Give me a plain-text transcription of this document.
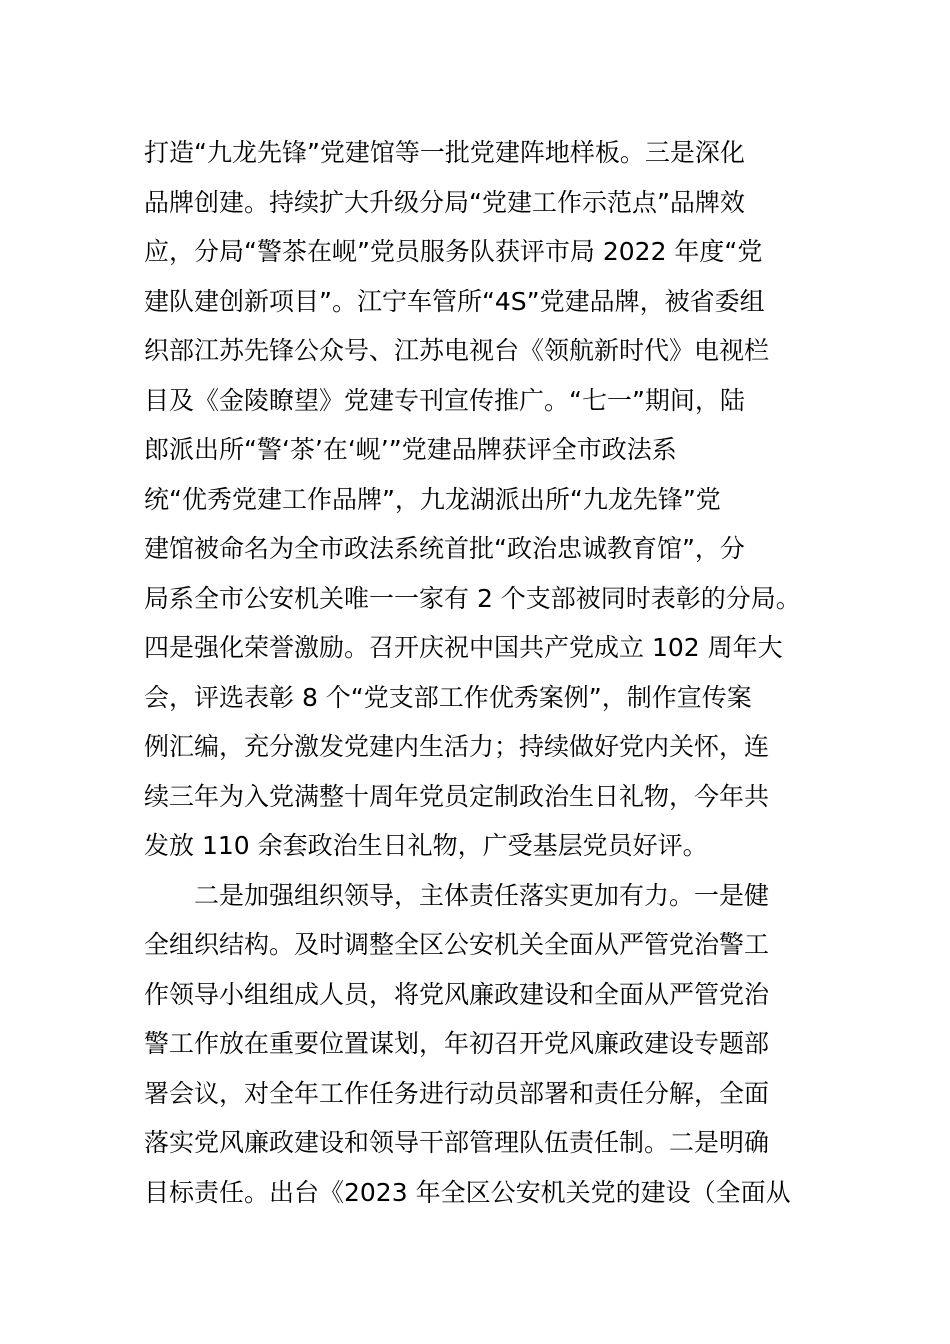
打造“九龙先锋”党建馆等一批党建阵地样板。三是深化
品牌创建。持续扩大升级分局“党建工作示范点”品牌效
应，分局“警茶在岘”党员服务队获评市局 2022 年度“党
建队建创新项目”。江宁车管所“4S”党建品牌，被省委组
织部江苏先锋公众号、江苏电视台《领航新时代》电视栏
目及《金陵瞭望》党建专刊宣传推广。“七一”期间，陆
郎派出所“警‘茶’在‘岘’”党建品牌获评全市政法系
统“优秀党建工作品牌”，九龙湖派出所“九龙先锋”党
建馆被命名为全市政法系统首批“政治忠诚教育馆”，分
局系全市公安机关唯一一家有 2 个支部被同时表彰的分局。
四是强化荣誉激励。召开庆祝中国共产党成立 102 周年大
会，评选表彰 8 个“党支部工作优秀案例”，制作宣传案
例汇编，充分激发党建内生活力；持续做好党内关怀，连
续三年为入党满整十周年党员定制政治生日礼物，今年共
发放 110 余套政治生日礼物，广受基层党员好评。
　　二是加强组织领导，主体责任落实更加有力。一是健
全组织结构。及时调整全区公安机关全面从严管党治警工
作领导小组组成人员，将党风廉政建设和全面从严管党治
警工作放在重要位置谋划，年初召开党风廉政建设专题部
署会议，对全年工作任务进行动员部署和责任分解，全面
落实党风廉政建设和领导干部管理队伍责任制。二是明确
目标责任。出台《2023 年全区公安机关党的建设（全面从
